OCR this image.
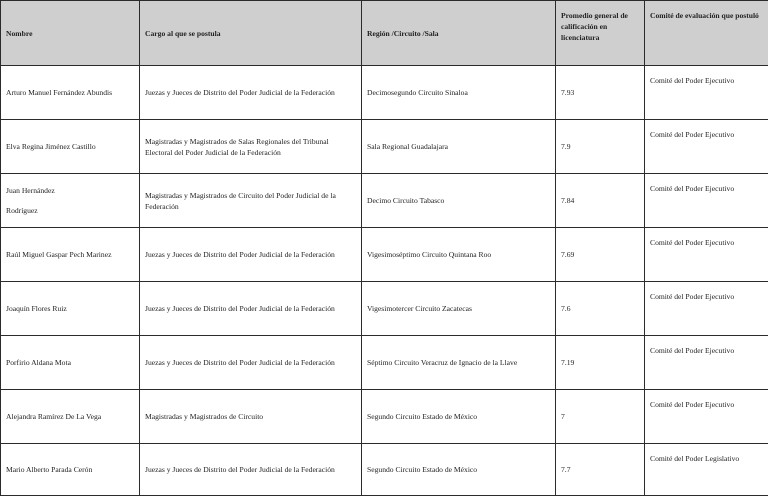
Nombre	Cargo al que se postula	Región /Circuito /Sala	Promedio general de calificación en licenciatura	Comité de evaluación que postuló
Arturo Manuel Fernández Abundis	Juezas y Jueces de Distrito del Poder Judicial de la Federación	Decimosegundo Circuito Sinaloa	7.93	Comité del Poder Ejecutivo
Elva Regina Jiménez Castillo	Magistradas y Magistrados de Salas Regionales del Tribunal Electoral del Poder Judicial de la Federación	Sala Regional Guadalajara	7.9	Comité del Poder Ejecutivo

Juan Hernández
Rodríguez	Magistradas y Magistrados de Circuito del Poder Judicial de la Federación	Decimo Circuito Tabasco	7.84	Comité del Poder Ejecutivo
Raúl Miguel Gaspar Pech Marinez	Juezas y Jueces de Distrito del Poder Judicial de la Federación	Vigesimoséptimo Circuito Quintana Roo	7.69	Comité del Poder Ejecutivo
Joaquín Flores Ruiz	Juezas y Jueces de Distrito del Poder Judicial de la Federación	Vigesimotercer Circuito Zacatecas	7.6	Comité del Poder Ejecutivo
Porfirio Aldana Mota	Juezas y Jueces de Distrito del Poder Judicial de la Federación	Séptimo Circuito Veracruz de Ignacio de la Llave	7.19	Comité del Poder Ejecutivo
Alejandra Ramírez De La Vega	Magistradas y Magistrados de Circuito	Segundo Circuito Estado de México	7	Comité del Poder Ejecutivo
Mario Alberto Parada Cerón	Juezas y Jueces de Distrito del Poder Judicial de la Federación	Segundo Circuito Estado de México	7.7	Comité del Poder Legislativo
